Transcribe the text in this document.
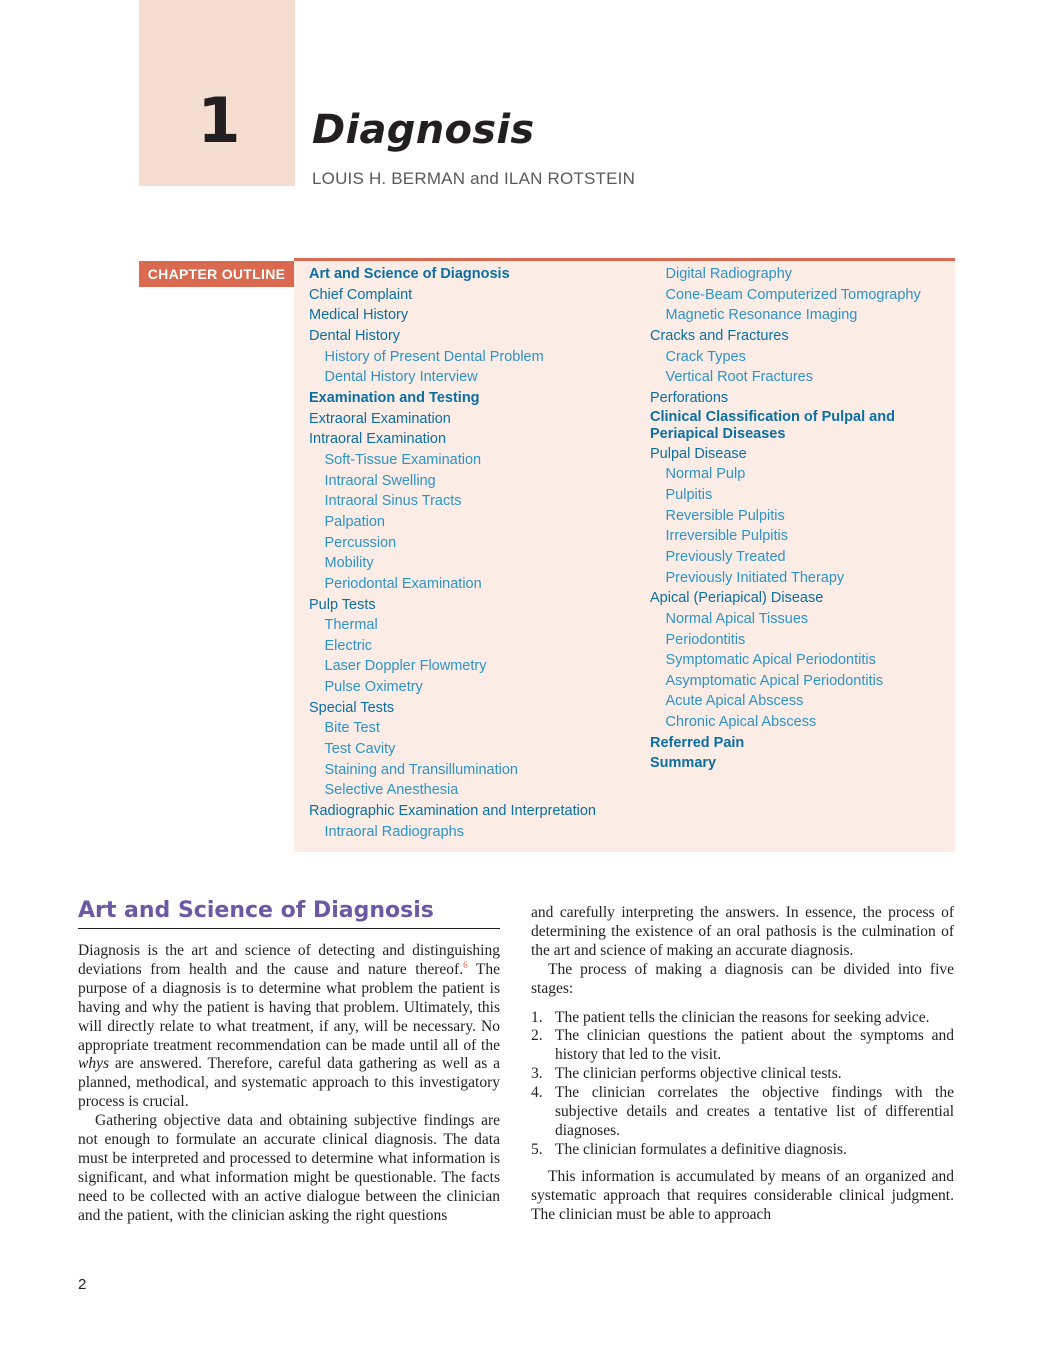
1	Diagnosis
LOUIS H. BERMAN and ILAN ROTSTEIN
CHAPTER OUTLINE	Art and Science of Diagnosis
Chief Complaint
Medical History
Dental History
History of Present Dental Problem
Dental History Interview
Examination and Testing
Extraoral Examination
Intraoral Examination
Soft-Tissue Examination
Intraoral Swelling
Intraoral Sinus Tracts
Palpation
Percussion
Mobility
Periodontal Examination
Pulp Tests
Thermal
Electric
Laser Doppler Flowmetry
Pulse Oximetry
Special Tests
Bite Test
Test Cavity
Staining and Transillumination
Selective Anesthesia
Radiographic Examination and Interpretation
Intraoral Radiographs
Digital Radiography
Cone-Beam Computerized Tomography
Magnetic Resonance Imaging
Cracks and Fractures
Crack Types
Vertical Root Fractures
Perforations
Clinical Classification of Pulpal and Periapical Diseases
Pulpal Disease
Normal Pulp
Pulpitis
Reversible Pulpitis
Irreversible Pulpitis
Previously Treated
Previously Initiated Therapy
Apical (Periapical) Disease
Normal Apical Tissues
Periodontitis
Symptomatic Apical Periodontitis
Asymptomatic Apical Periodontitis
Acute Apical Abscess
Chronic Apical Abscess
Referred Pain
Summary
Art and Science of Diagnosis

Diagnosis is the art and science of detecting and distinguishing deviations from health and the cause and nature thereof.$^6$ The purpose of a diagnosis is to determine what problem the patient is having and why the patient is having that problem. Ultimately, this will directly relate to what treatment, if any, will be necessary. No appropriate treatment recommendation can be made until all of the whys are answered. Therefore, careful data gathering as well as a planned, methodical, and systematic approach to this investigatory process is crucial.

Gathering objective data and obtaining subjective findings are not enough to formulate an accurate clinical diagnosis. The data must be interpreted and processed to determine what information is significant, and what information might be questionable. The facts need to be collected with an active dialogue between the clinician and the patient, with the clinician asking the right questions

and carefully interpreting the answers. In essence, the process of determining the existence of an oral pathosis is the culmination of the art and science of making an accurate diagnosis.

The process of making a diagnosis can be divided into five stages:

1. The patient tells the clinician the reasons for seeking advice.
2. The clinician questions the patient about the symptoms and history that led to the visit.
3. The clinician performs objective clinical tests.
4. The clinician correlates the objective findings with the subjective details and creates a tentative list of differential diagnoses.
5. The clinician formulates a definitive diagnosis.

This information is accumulated by means of an organized and systematic approach that requires considerable clinical judgment. The clinician must be able to approach

2
